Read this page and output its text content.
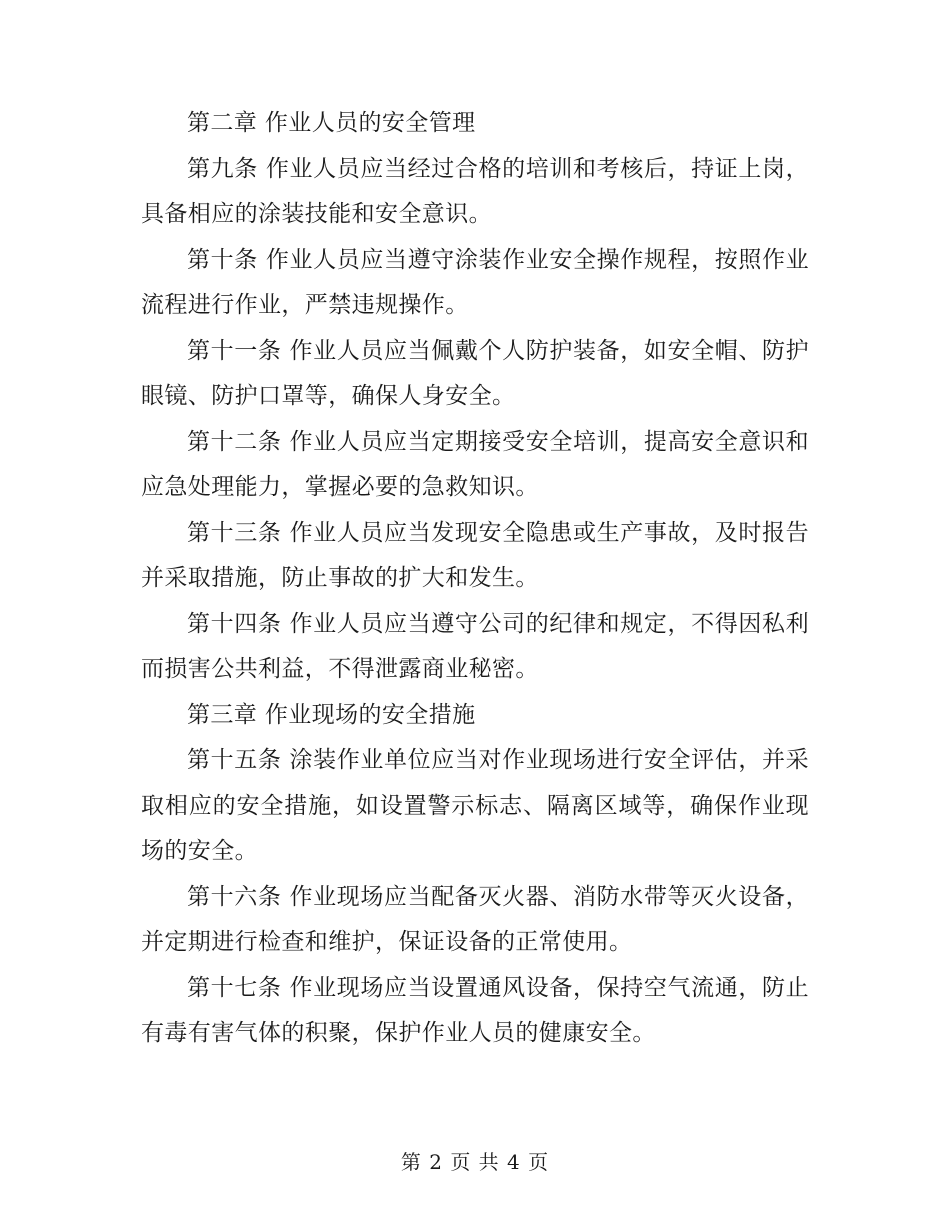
第二章 作业人员的安全管理

第九条 作业人员应当经过合格的培训和考核后，持证上岗，具备相应的涂装技能和安全意识。

第十条 作业人员应当遵守涂装作业安全操作规程，按照作业流程进行作业，严禁违规操作。

第十一条 作业人员应当佩戴个人防护装备，如安全帽、防护眼镜、防护口罩等，确保人身安全。

第十二条 作业人员应当定期接受安全培训，提高安全意识和应急处理能力，掌握必要的急救知识。

第十三条 作业人员应当发现安全隐患或生产事故，及时报告并采取措施，防止事故的扩大和发生。

第十四条 作业人员应当遵守公司的纪律和规定，不得因私利而损害公共利益，不得泄露商业秘密。

第三章 作业现场的安全措施

第十五条 涂装作业单位应当对作业现场进行安全评估，并采取相应的安全措施，如设置警示标志、隔离区域等，确保作业现场的安全。

第十六条 作业现场应当配备灭火器、消防水带等灭火设备，并定期进行检查和维护，保证设备的正常使用。

第十七条 作业现场应当设置通风设备，保持空气流通，防止有毒有害气体的积聚，保护作业人员的健康安全。

第 2 页 共 4 页
